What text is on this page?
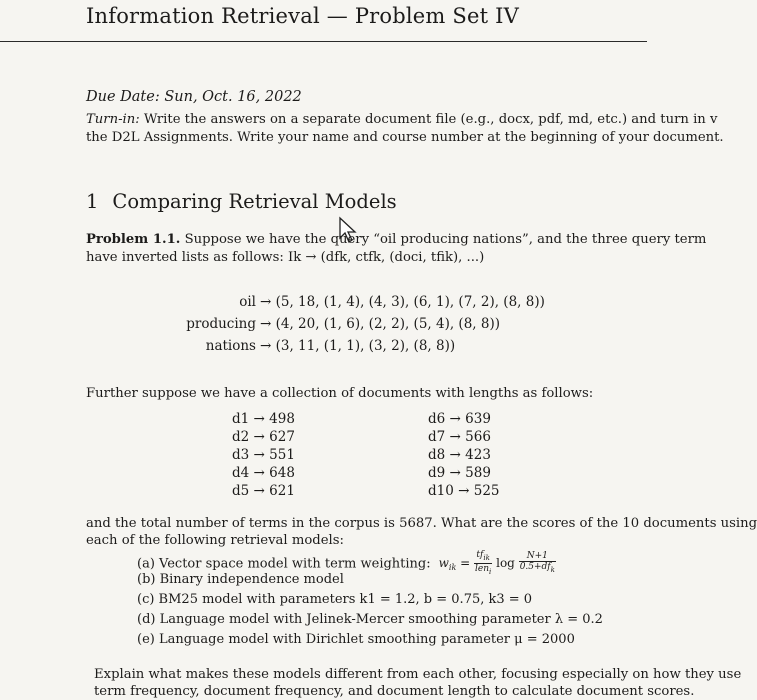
Information Retrieval — Problem Set IV
Due Date: Sun, Oct. 16, 2022
Turn-in: Write the answers on a separate document file (e.g., docx, pdf, md, etc.) and turn in v
the D2L Assignments. Write your name and course number at the beginning of your document.
1 Comparing Retrieval Models
Problem 1.1. Suppose we have the query “oil producing nations”, and the three query term
have inverted lists as follows: Ik → (dfk, ctfk, (doci, tfik), ...)
oil → (5, 18, (1, 4), (4, 3), (6, 1), (7, 2), (8, 8))
producing → (4, 20, (1, 6), (2, 2), (5, 4), (8, 8))
nations → (3, 11, (1, 1), (3, 2), (8, 8))
Further suppose we have a collection of documents with lengths as follows:
d1 → 498
d2 → 627
d3 → 551
d4 → 648
d5 → 621
d6 → 639
d7 → 566
d8 → 423
d9 → 589
d10 → 525
and the total number of terms in the corpus is 5687. What are the scores of the 10 documents using
each of the following retrieval models:
(a) Vector space model with term weighting: $w_{ik} = \frac{tf_{ik}}{len_i}$ $\log \frac{N+1}{0.5+df_k}$
(b) Binary independence model
(c) BM25 model with parameters k1 = 1.2, b = 0.75, k3 = 0
(d) Language model with Jelinek-Mercer smoothing parameter λ = 0.2
(e) Language model with Dirichlet smoothing parameter μ = 2000
Explain what makes these models different from each other, focusing especially on how they use
term frequency, document frequency, and document length to calculate document scores.
